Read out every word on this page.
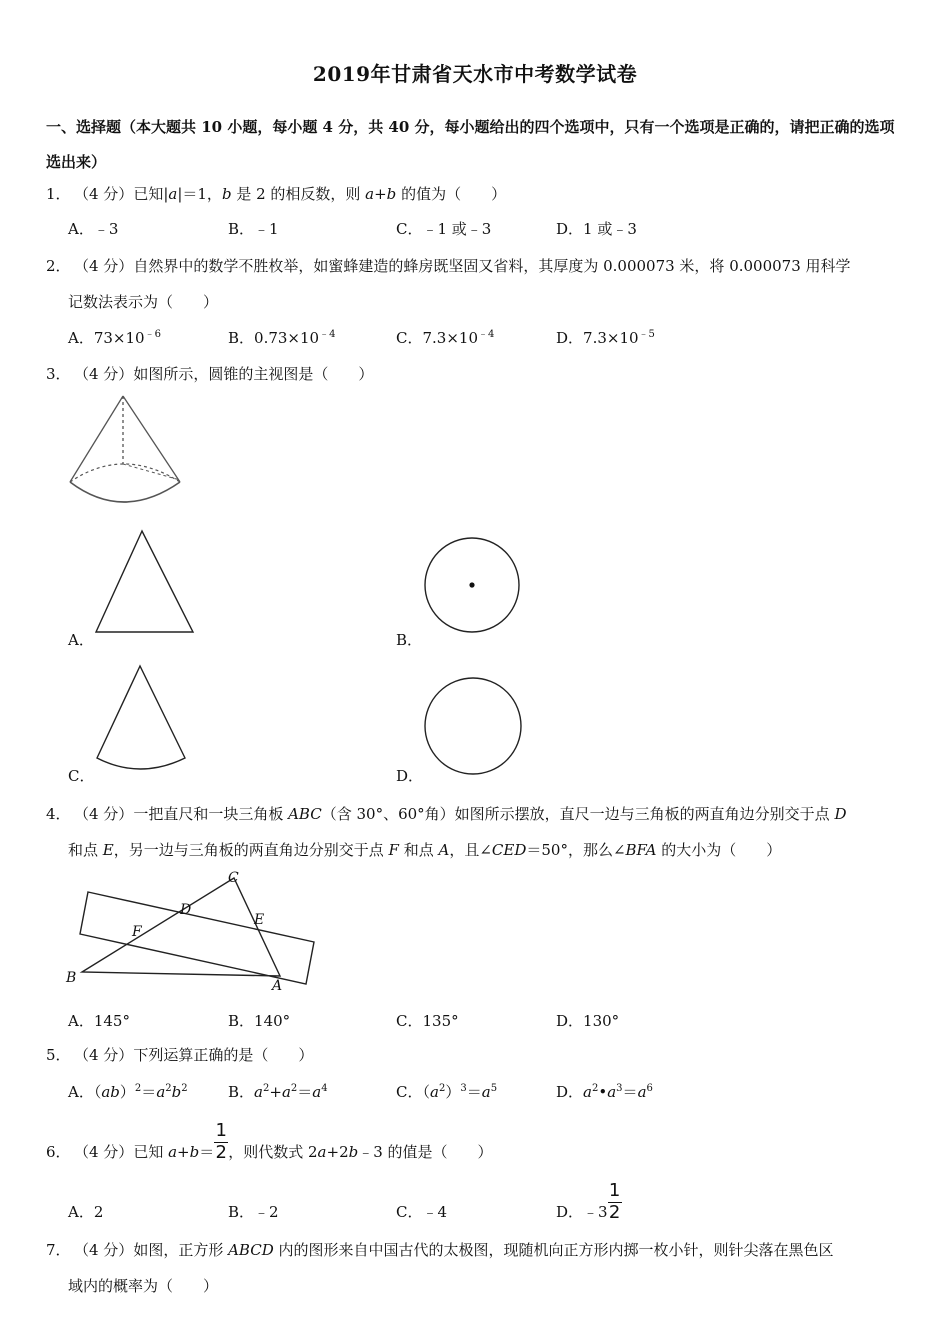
2019年甘肃省天水市中考数学试卷
一、选择题（本大题共 10 小题，每小题 4 分，共 40 分，每小题给出的四个选项中，只有一个选项是正确的，请把正确的选项选出来）
1． （4 分）已知|a|＝1，b 是 2 的相反数，则 a+b 的值为（　　）
A．﹣3	B．﹣1	C．﹣1 或﹣3	D．1 或﹣3
2． （4 分）自然界中的数学不胜枚举，如蜜蜂建造的蜂房既坚固又省料，其厚度为 0.000073 米，将 0.000073 用科学
记数法表示为（　　）
A．$73\times 10^{﹣6}$	B．$0.73\times 10^{﹣4}$	C．$7.3\times 10^{﹣4}$	D．$7.3\times 10^{﹣5}$
3． （4 分）如图所示，圆锥的主视图是（　　）
A．	B．
C．	D．
4． （4 分）一把直尺和一块三角板 ABC（含 30°、60°角）如图所示摆放，直尺一边与三角板的两直角边分别交于点 D
和点 E，另一边与三角板的两直角边分别交于点 F 和点 A，且∠CED＝50°，那么∠BFA 的大小为（　　）
C
D
E
F
B	A
A．145°	B．140°	C．135°	D．130°
5． （4 分）下列运算正确的是（　　）
A．$(ab)^2=a^2b^2$	B．$a^2+a^2=a^4$	C．$(a^2)^3=a^5$	D．$a^2•a^3=a^6$
6． （4 分）已知 $a+b= \frac{1}{2}$ ，则代数式 2a+2b﹣3 的值是（　　）
A．2	B．﹣2	C．﹣4	D．﹣3 $\frac{1}{2}$
7． （4 分）如图，正方形 ABCD 内的图形来自中国古代的太极图，现随机向正方形内掷一枚小针，则针尖落在黑色区
域内的概率为（　　）
